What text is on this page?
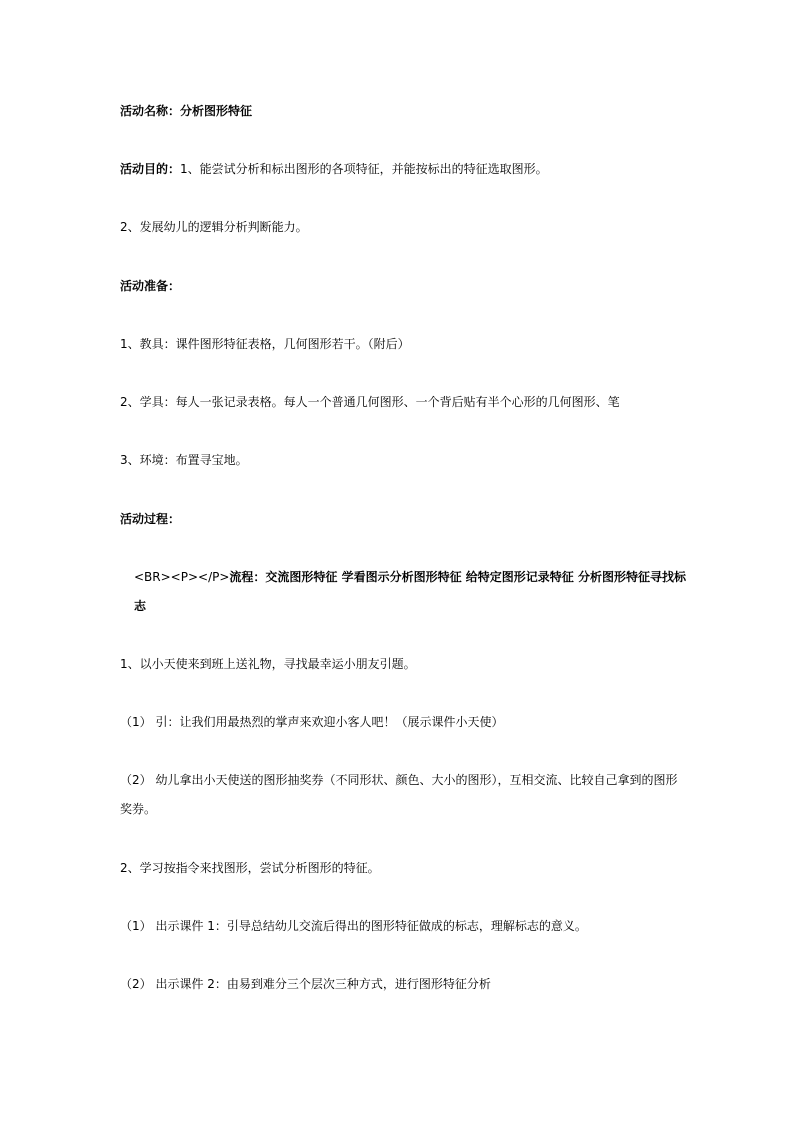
活动名称：分析图形特征
活动目的：1、能尝试分析和标出图形的各项特征，并能按标出的特征选取图形。
2、发展幼儿的逻辑分析判断能力。
活动准备：
1、教具：课件图形特征表格，几何图形若干。（附后）
2、学具：每人一张记录表格。每人一个普通几何图形、一个背后贴有半个心形的几何图形、笔
3、环境：布置寻宝地。
活动过程：
<BR><P></P>流程：交流图形特征 学看图示分析图形特征 给特定图形记录特征 分析图形特征寻找标志
1、以小天使来到班上送礼物，寻找最幸运小朋友引题。
（1） 引：让我们用最热烈的掌声来欢迎小客人吧！（展示课件小天使）
（2） 幼儿拿出小天使送的图形抽奖券（不同形状、颜色、大小的图形），互相交流、比较自己拿到的图形奖券。
2、学习按指令来找图形，尝试分析图形的特征。
（1） 出示课件 1：引导总结幼儿交流后得出的图形特征做成的标志，理解标志的意义。
（2） 出示课件 2：由易到难分三个层次三种方式，进行图形特征分析
